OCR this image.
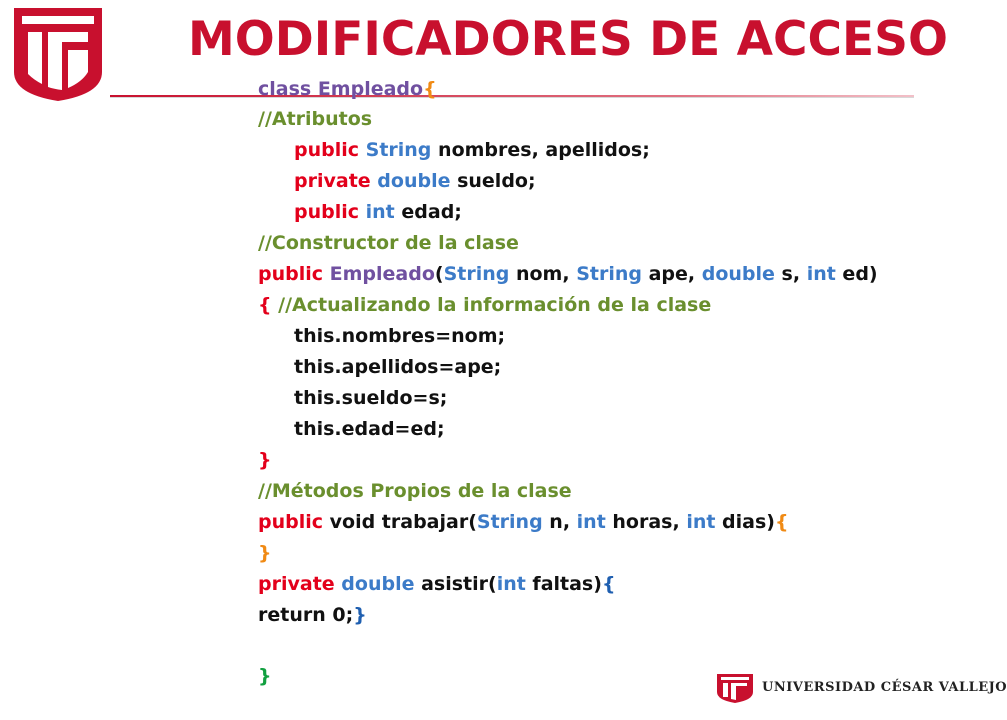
MODIFICADORES DE ACCESO
class Empleado{
//Atributos
public String nombres, apellidos;
private double sueldo;
public int edad;
//Constructor de la clase
public Empleado(String nom, String ape, double s, int ed)
{ //Actualizando la información de la clase
this.nombres=nom;
this.apellidos=ape;
this.sueldo=s;
this.edad=ed;
}
//Métodos Propios de la clase
public void trabajar(String n, int horas, int dias){
}
private double asistir(int faltas){
return 0;}
}
UNIVERSIDAD CÉSAR VALLEJO
